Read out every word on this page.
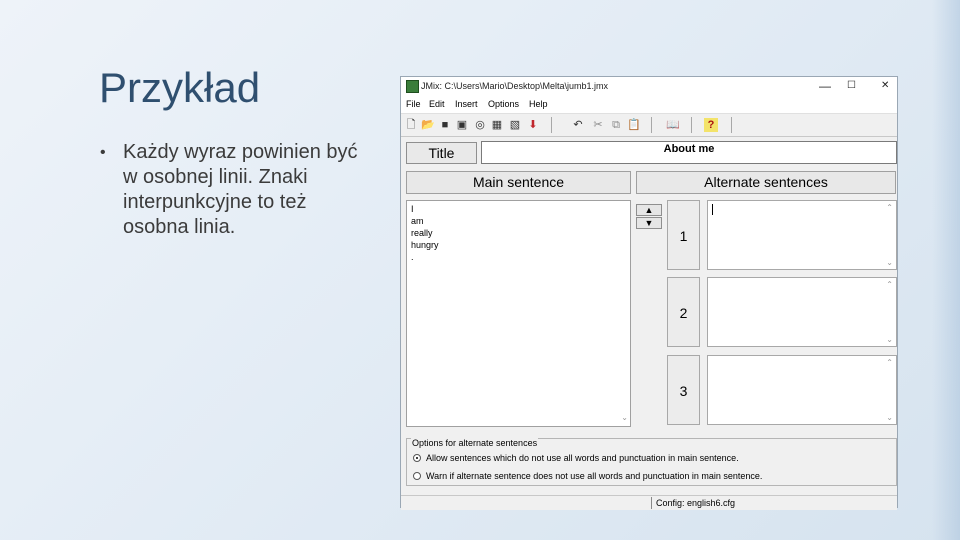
Przykład
• Każdy wyraz powinien być w osobnej linii. Znaki interpunkcyjne to też osobna linia.
JMix: C:\Users\Mario\Desktop\Melta\jumb1.jmx	— ☐	✕
File Edit Insert Options Help
🗋 📂 ■ ▣ ◎ ▦ ▧ ⬇	↶ ✂ ⧉ 📋 📖	?
Title	About me
Main sentence	Alternate sentences
I
am
really
hungry
.
⌄
▲
▼
1
⌃
⌄
2
⌃
⌄
3
⌃
⌄
Options for alternate sentences
Allow sentences which do not use all words and punctuation in main sentence.
Warn if alternate sentence does not use all words and punctuation in main sentence.
Config: english6.cfg
